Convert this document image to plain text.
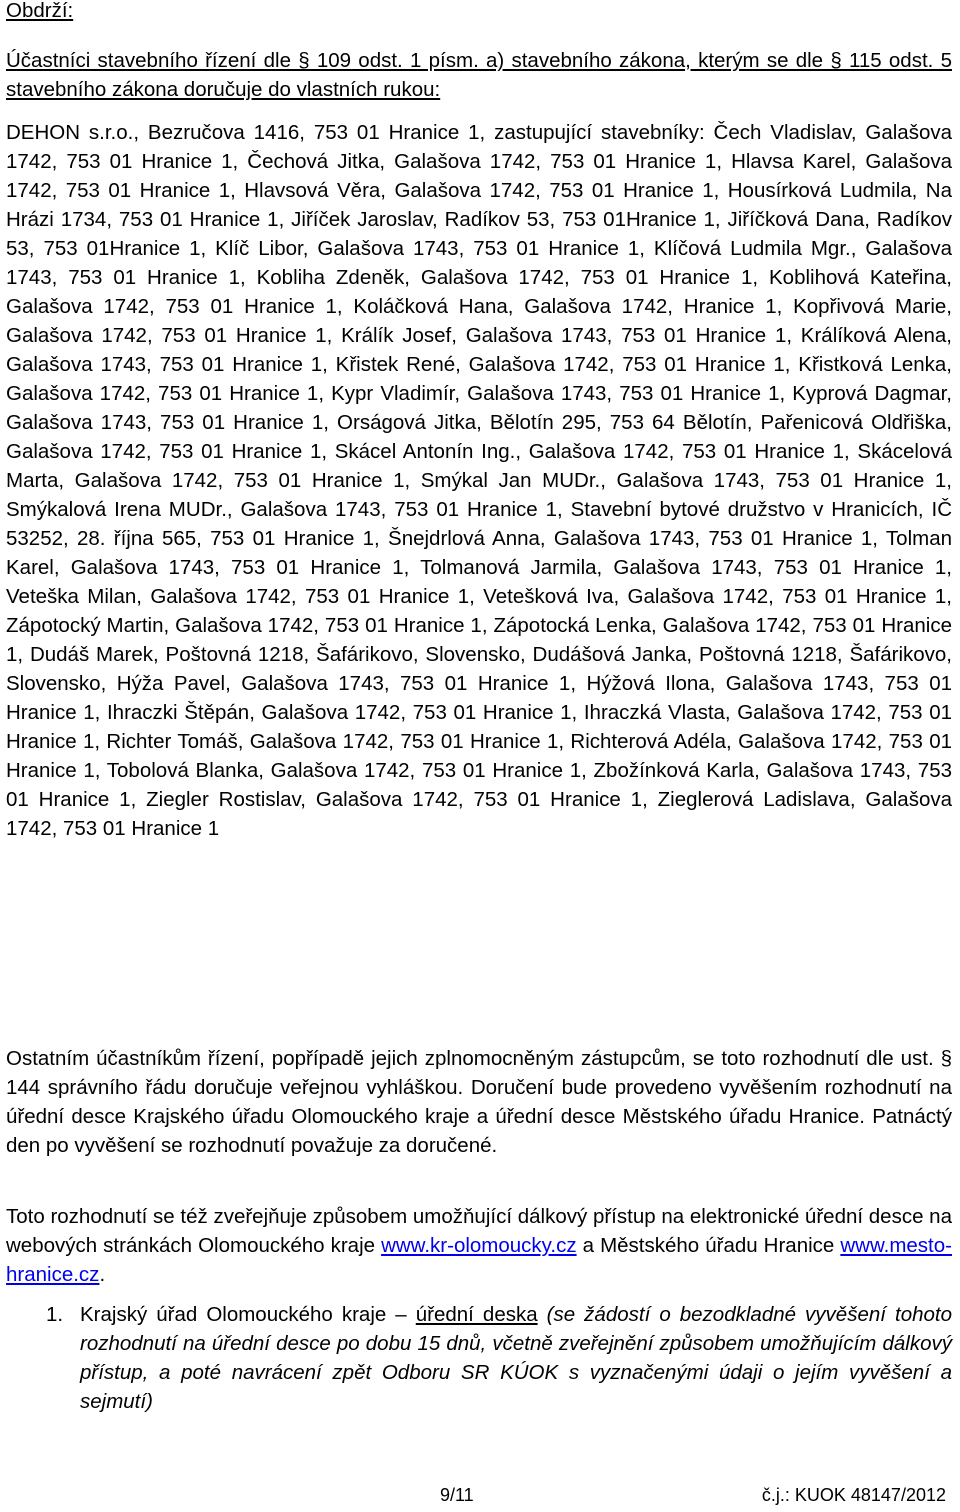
Obdrží:

Účastníci stavebního řízení dle § 109 odst. 1 písm. a) stavebního zákona, kterým se dle § 115 odst. 5 stavebního zákona doručuje do vlastních rukou:

DEHON s.r.o., Bezručova 1416, 753 01 Hranice 1, zastupující stavebníky: Čech Vladislav, Galašova 1742, 753 01 Hranice 1, Čechová Jitka, Galašova 1742, 753 01 Hranice 1, Hlavsa Karel, Galašova 1742, 753 01 Hranice 1, Hlavsová Věra, Galašova 1742, 753 01 Hranice 1, Housírková Ludmila, Na Hrázi 1734, 753 01 Hranice 1, Jiříček Jaroslav, Radíkov 53, 753 01Hranice 1, Jiříčková Dana, Radíkov 53, 753 01Hranice 1, Klíč Libor, Galašova 1743, 753 01 Hranice 1, Klíčová Ludmila Mgr., Galašova 1743, 753 01 Hranice 1, Kobliha Zdeněk, Galašova 1742, 753 01 Hranice 1, Koblihová Kateřina, Galašova 1742, 753 01 Hranice 1, Koláčková Hana, Galašova 1742, Hranice 1, Kopřivová Marie, Galašova 1742, 753 01 Hranice 1, Králík Josef, Galašova 1743, 753 01 Hranice 1, Králíková Alena, Galašova 1743, 753 01 Hranice 1, Křistek René, Galašova 1742, 753 01 Hranice 1, Křistková Lenka, Galašova 1742, 753 01 Hranice 1, Kypr Vladimír, Galašova 1743, 753 01 Hranice 1, Kyprová Dagmar, Galašova 1743, 753 01 Hranice 1, Orságová Jitka, Bělotín 295, 753 64 Bělotín, Pařenicová Oldřiška, Galašova 1742, 753 01 Hranice 1, Skácel Antonín Ing., Galašova 1742, 753 01 Hranice 1, Skácelová Marta, Galašova 1742, 753 01 Hranice 1, Smýkal Jan MUDr., Galašova 1743, 753 01 Hranice 1, Smýkalová Irena MUDr., Galašova 1743, 753 01 Hranice 1, Stavební bytové družstvo v Hranicích, IČ 53252, 28. října 565, 753 01 Hranice 1, Šnejdrlová Anna, Galašova 1743, 753 01 Hranice 1, Tolman Karel, Galašova 1743, 753 01 Hranice 1, Tolmanová Jarmila, Galašova 1743, 753 01 Hranice 1, Veteška Milan, Galašova 1742, 753 01 Hranice 1, Vetešková Iva, Galašova 1742, 753 01 Hranice 1, Zápotocký Martin, Galašova 1742, 753 01 Hranice 1, Zápotocká Lenka, Galašova 1742, 753 01 Hranice 1, Dudáš Marek, Poštovná 1218, Šafárikovo, Slovensko, Dudášová Janka, Poštovná 1218, Šafárikovo, Slovensko, Hýža Pavel, Galašova 1743, 753 01 Hranice 1, Hýžová Ilona, Galašova 1743, 753 01 Hranice 1, Ihraczki Štěpán, Galašova 1742, 753 01 Hranice 1, Ihraczká Vlasta, Galašova 1742, 753 01 Hranice 1, Richter Tomáš, Galašova 1742, 753 01 Hranice 1, Richterová Adéla, Galašova 1742, 753 01 Hranice 1, Tobolová Blanka, Galašova 1742, 753 01 Hranice 1, Zbožínková Karla, Galašova 1743, 753 01 Hranice 1, Ziegler Rostislav, Galašova 1742, 753 01 Hranice 1, Zieglerová Ladislava, Galašova 1742, 753 01 Hranice 1

Ostatním účastníkům řízení, popřípadě jejich zplnomocněným zástupcům, se toto rozhodnutí dle ust. § 144 správního řádu doručuje veřejnou vyhláškou. Doručení bude provedeno vyvěšením rozhodnutí na úřední desce Krajského úřadu Olomouckého kraje a úřední desce Městského úřadu Hranice. Patnáctý den po vyvěšení se rozhodnutí považuje za doručené.

Toto rozhodnutí se též zveřejňuje způsobem umožňující dálkový přístup na elektronické úřední desce na webových stránkách Olomouckého kraje www.kr-olomoucky.cz a Městského úřadu Hranice www.mesto-hranice.cz.

1. Krajský úřad Olomouckého kraje – úřední deska (se žádostí o bezodkladné vyvěšení tohoto rozhodnutí na úřední desce po dobu 15 dnů, včetně zveřejnění způsobem umožňujícím dálkový přístup, a poté navrácení zpět Odboru SR KÚOK s vyznačenými údaji o jejím vyvěšení a sejmutí)
9/11	č.j.: KUOK 48147/2012
